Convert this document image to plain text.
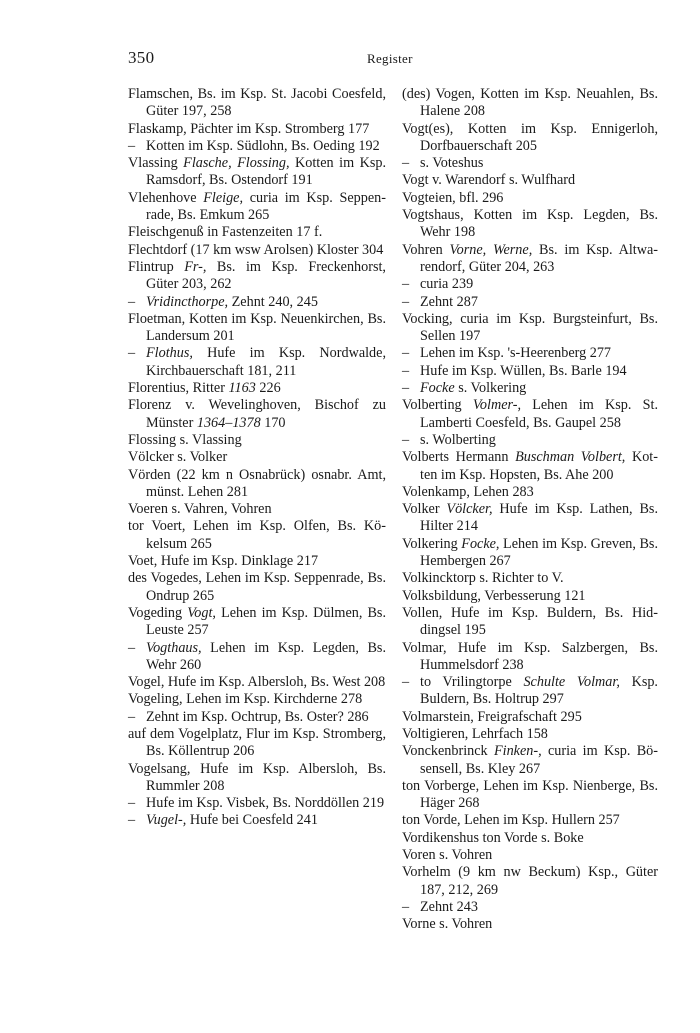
350	Register

Flamschen, Bs. im Ksp. St. Jacobi Coesfeld, Güter 197, 258

Flaskamp, Pächter im Ksp. Stromberg 177

– Kotten im Ksp. Südlohn, Bs. Oeding 192

Vlassing Flasche, Flossing, Kotten im Ksp. Ramsdorf, Bs. Ostendorf 191

Vlehenhove Fleige, curia im Ksp. Seppenrade, Bs. Emkum 265

Fleischgenuß in Fastenzeiten 17 f.

Flechtdorf (17 km wsw Arolsen) Kloster 304

Flintrup Fr-, Bs. im Ksp. Freckenhorst, Güter 203, 262

– Vridincthorpe, Zehnt 240, 245

Floetman, Kotten im Ksp. Neuenkirchen, Bs. Landersum 201

– Flothus, Hufe im Ksp. Nordwalde, Kirchbauerschaft 181, 211

Florentius, Ritter 1163 226

Florenz v. Wevelinghoven, Bischof zu Münster 1364–1378 170

Flossing s. Vlassing

Völcker s. Volker

Vörden (22 km n Osnabrück) osnabr. Amt, münst. Lehen 281

Voeren s. Vahren, Vohren

tor Voert, Lehen im Ksp. Olfen, Bs. Kökelsum 265

Voet, Hufe im Ksp. Dinklage 217

des Vogedes, Lehen im Ksp. Seppenrade, Bs. Ondrup 265

Vogeding Vogt, Lehen im Ksp. Dülmen, Bs. Leuste 257

– Vogthaus, Lehen im Ksp. Legden, Bs. Wehr 260

Vogel, Hufe im Ksp. Albersloh, Bs. West 208

Vogeling, Lehen im Ksp. Kirchderne 278

– Zehnt im Ksp. Ochtrup, Bs. Oster? 286

auf dem Vogelplatz, Flur im Ksp. Stromberg, Bs. Köllentrup 206

Vogelsang, Hufe im Ksp. Albersloh, Bs. Rummler 208

– Hufe im Ksp. Visbek, Bs. Norddöllen 219

– Vugel-, Hufe bei Coesfeld 241

(des) Vogen, Kotten im Ksp. Neuahlen, Bs. Halene 208

Vogt(es), Kotten im Ksp. Ennigerloh, Dorfbauerschaft 205

– s. Voteshus

Vogt v. Warendorf s. Wulfhard

Vogteien, bfl. 296

Vogtshaus, Kotten im Ksp. Legden, Bs. Wehr 198

Vohren Vorne, Werne, Bs. im Ksp. Altwarendorf, Güter 204, 263

– curia 239

– Zehnt 287

Vocking, curia im Ksp. Burgsteinfurt, Bs. Sellen 197

– Lehen im Ksp. 's-Heerenberg 277

– Hufe im Ksp. Wüllen, Bs. Barle 194

– Focke s. Volkering

Volberting Volmer-, Lehen im Ksp. St. Lamberti Coesfeld, Bs. Gaupel 258

– s. Wolberting

Volberts Hermann Buschman Volbert, Kotten im Ksp. Hopsten, Bs. Ahe 200

Volenkamp, Lehen 283

Volker Völcker, Hufe im Ksp. Lathen, Bs. Hilter 214

Volkering Focke, Lehen im Ksp. Greven, Bs. Hembergen 267

Volkincktorp s. Richter to V.

Volksbildung, Verbesserung 121

Vollen, Hufe im Ksp. Buldern, Bs. Hiddingsel 195

Volmar, Hufe im Ksp. Salzbergen, Bs. Hummelsdorf 238

– to Vrilingtorpe Schulte Volmar, Ksp. Buldern, Bs. Holtrup 297

Volmarstein, Freigrafschaft 295

Voltigieren, Lehrfach 158

Vonckenbrinck Finken-, curia im Ksp. Bösensell, Bs. Kley 267

ton Vorberge, Lehen im Ksp. Nienberge, Bs. Häger 268

ton Vorde, Lehen im Ksp. Hullern 257

Vordikenshus ton Vorde s. Boke

Voren s. Vohren

Vorhelm (9 km nw Beckum) Ksp., Güter 187, 212, 269

– Zehnt 243

Vorne s. Vohren
